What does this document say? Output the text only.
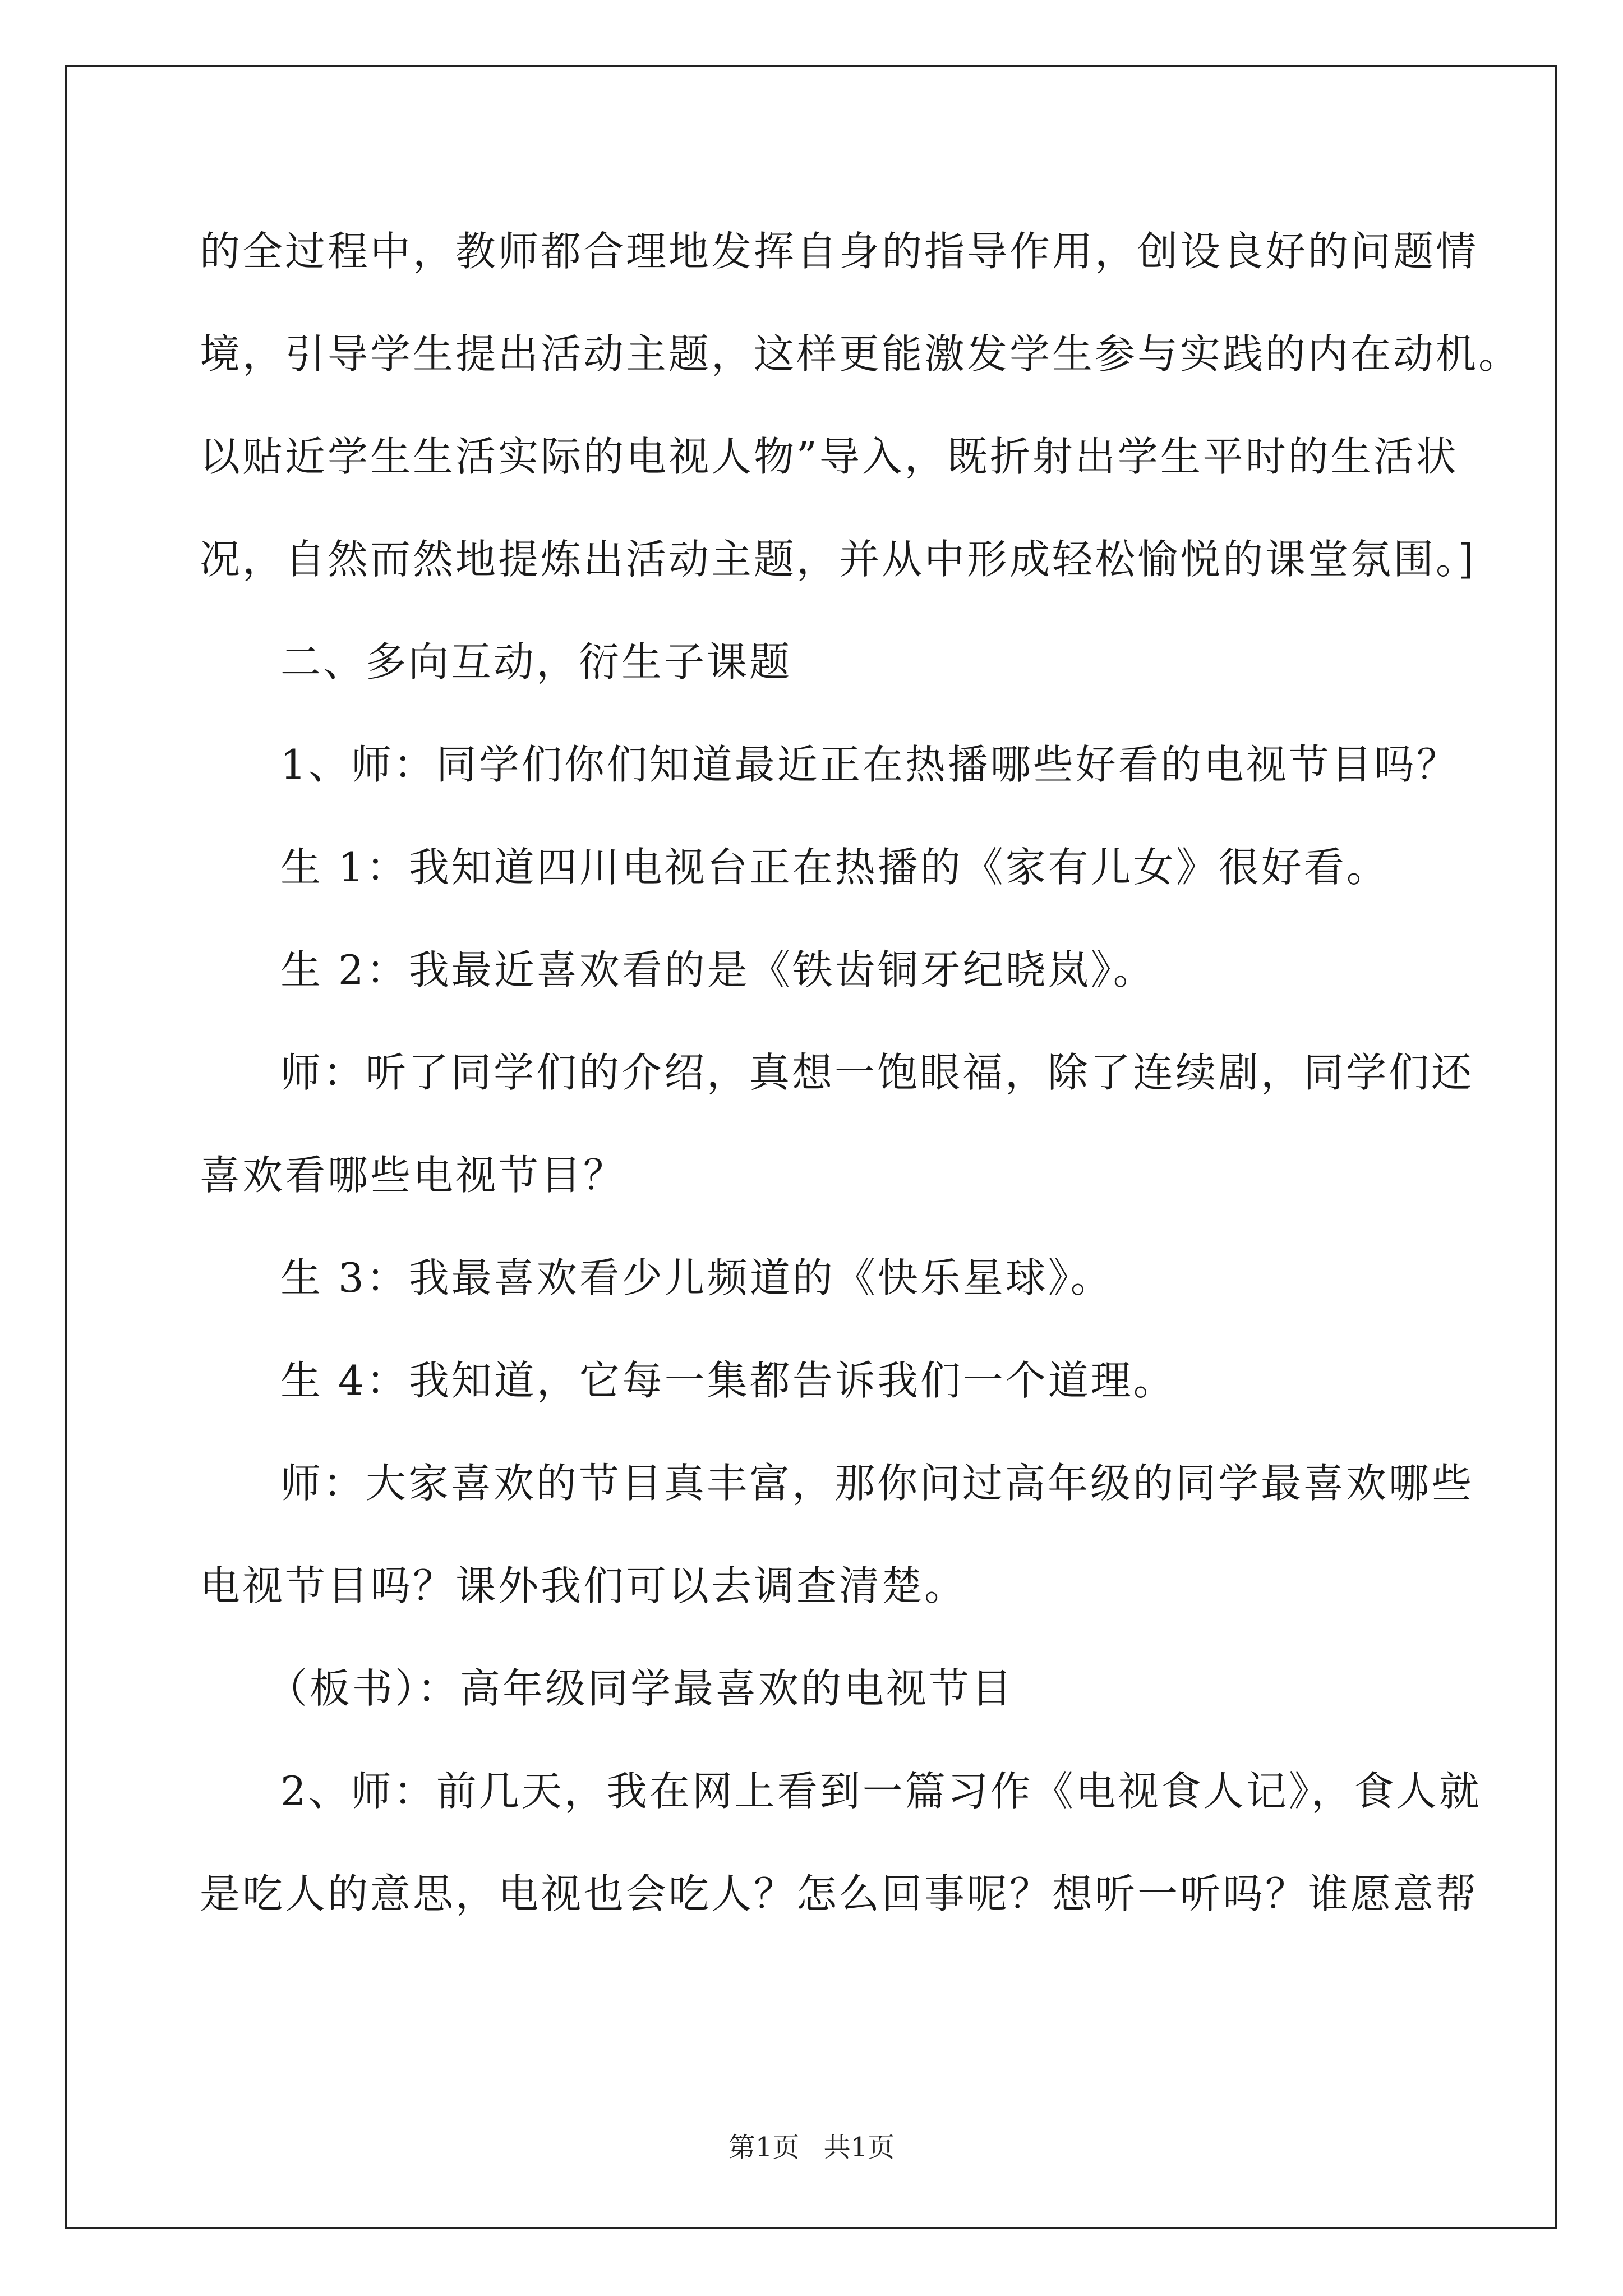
的全过程中，教师都合理地发挥自身的指导作用，创设良好的问题情
境，引导学生提出活动主题，这样更能激发学生参与实践的内在动机。
以贴近学生生活实际的电视人物”导入，既折射出学生平时的生活状
况，自然而然地提炼出活动主题，并从中形成轻松愉悦的课堂氛围。]
二、多向互动，衍生子课题
1、师：同学们你们知道最近正在热播哪些好看的电视节目吗？
生 1：我知道四川电视台正在热播的《家有儿女》很好看。
生 2：我最近喜欢看的是《铁齿铜牙纪晓岚》。
师：听了同学们的介绍，真想一饱眼福，除了连续剧，同学们还
喜欢看哪些电视节目？
生 3：我最喜欢看少儿频道的《快乐星球》。
生 4：我知道，它每一集都告诉我们一个道理。
师：大家喜欢的节目真丰富，那你问过高年级的同学最喜欢哪些
电视节目吗？课外我们可以去调查清楚。
（板书）：高年级同学最喜欢的电视节目
2、师：前几天，我在网上看到一篇习作《电视食人记》，食人就
是吃人的意思，电视也会吃人？怎么回事呢？想听一听吗？谁愿意帮
第1页 共1页
